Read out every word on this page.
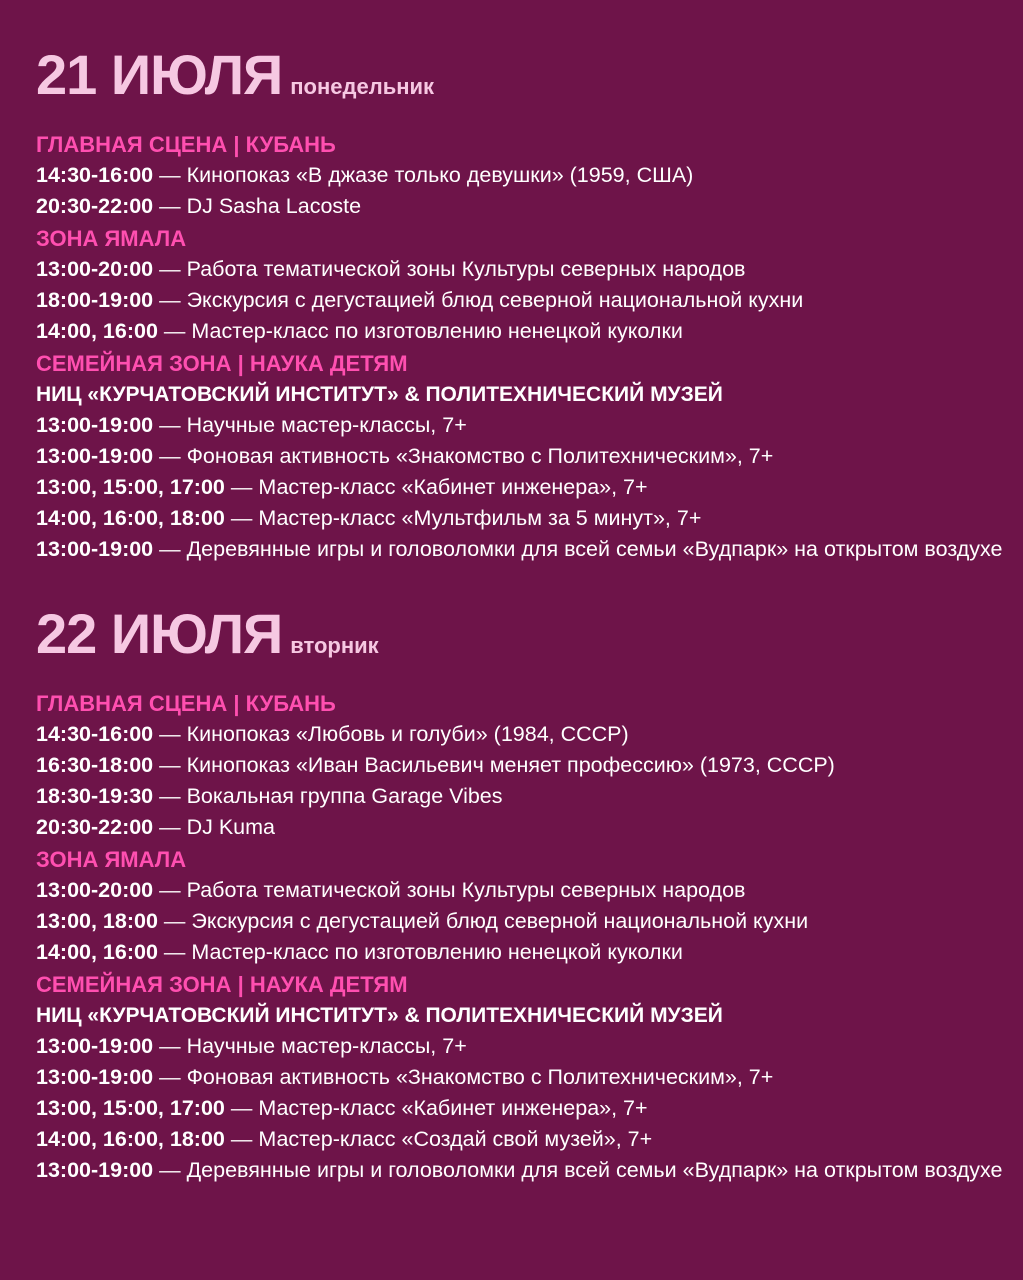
21 ИЮЛЯ понедельник
ГЛАВНАЯ СЦЕНА | КУБАНЬ
14:30-16:00 — Кинопоказ «В джазе только девушки» (1959, США)
20:30-22:00 — DJ Sasha Lacoste
ЗОНА ЯМАЛА
13:00-20:00 — Работа тематической зоны Культуры северных народов
18:00-19:00 — Экскурсия с дегустацией блюд северной национальной кухни
14:00, 16:00 — Мастер-класс по изготовлению ненецкой куколки
СЕМЕЙНАЯ ЗОНА | НАУКА ДЕТЯМ
НИЦ «КУРЧАТОВСКИЙ ИНСТИТУТ» & ПОЛИТЕХНИЧЕСКИЙ МУЗЕЙ
13:00-19:00 — Научные мастер-классы, 7+
13:00-19:00 — Фоновая активность «Знакомство с Политехническим», 7+
13:00, 15:00, 17:00 — Мастер-класс «Кабинет инженера», 7+
14:00, 16:00, 18:00 — Мастер-класс «Мультфильм за 5 минут», 7+
13:00-19:00 — Деревянные игры и головоломки для всей семьи «Вудпарк» на открытом воздухе
22 ИЮЛЯ вторник
ГЛАВНАЯ СЦЕНА | КУБАНЬ
14:30-16:00 — Кинопоказ «Любовь и голуби» (1984, СССР)
16:30-18:00 — Кинопоказ «Иван Васильевич меняет профессию» (1973, СССР)
18:30-19:30 — Вокальная группа Garage Vibes
20:30-22:00 — DJ Kuma
ЗОНА ЯМАЛА
13:00-20:00 — Работа тематической зоны Культуры северных народов
13:00, 18:00 — Экскурсия с дегустацией блюд северной национальной кухни
14:00, 16:00 — Мастер-класс по изготовлению ненецкой куколки
СЕМЕЙНАЯ ЗОНА | НАУКА ДЕТЯМ
НИЦ «КУРЧАТОВСКИЙ ИНСТИТУТ» & ПОЛИТЕХНИЧЕСКИЙ МУЗЕЙ
13:00-19:00 — Научные мастер-классы, 7+
13:00-19:00 — Фоновая активность «Знакомство с Политехническим», 7+
13:00, 15:00, 17:00 — Мастер-класс «Кабинет инженера», 7+
14:00, 16:00, 18:00 — Мастер-класс «Создай свой музей», 7+
13:00-19:00 — Деревянные игры и головоломки для всей семьи «Вудпарк» на открытом воздухе
